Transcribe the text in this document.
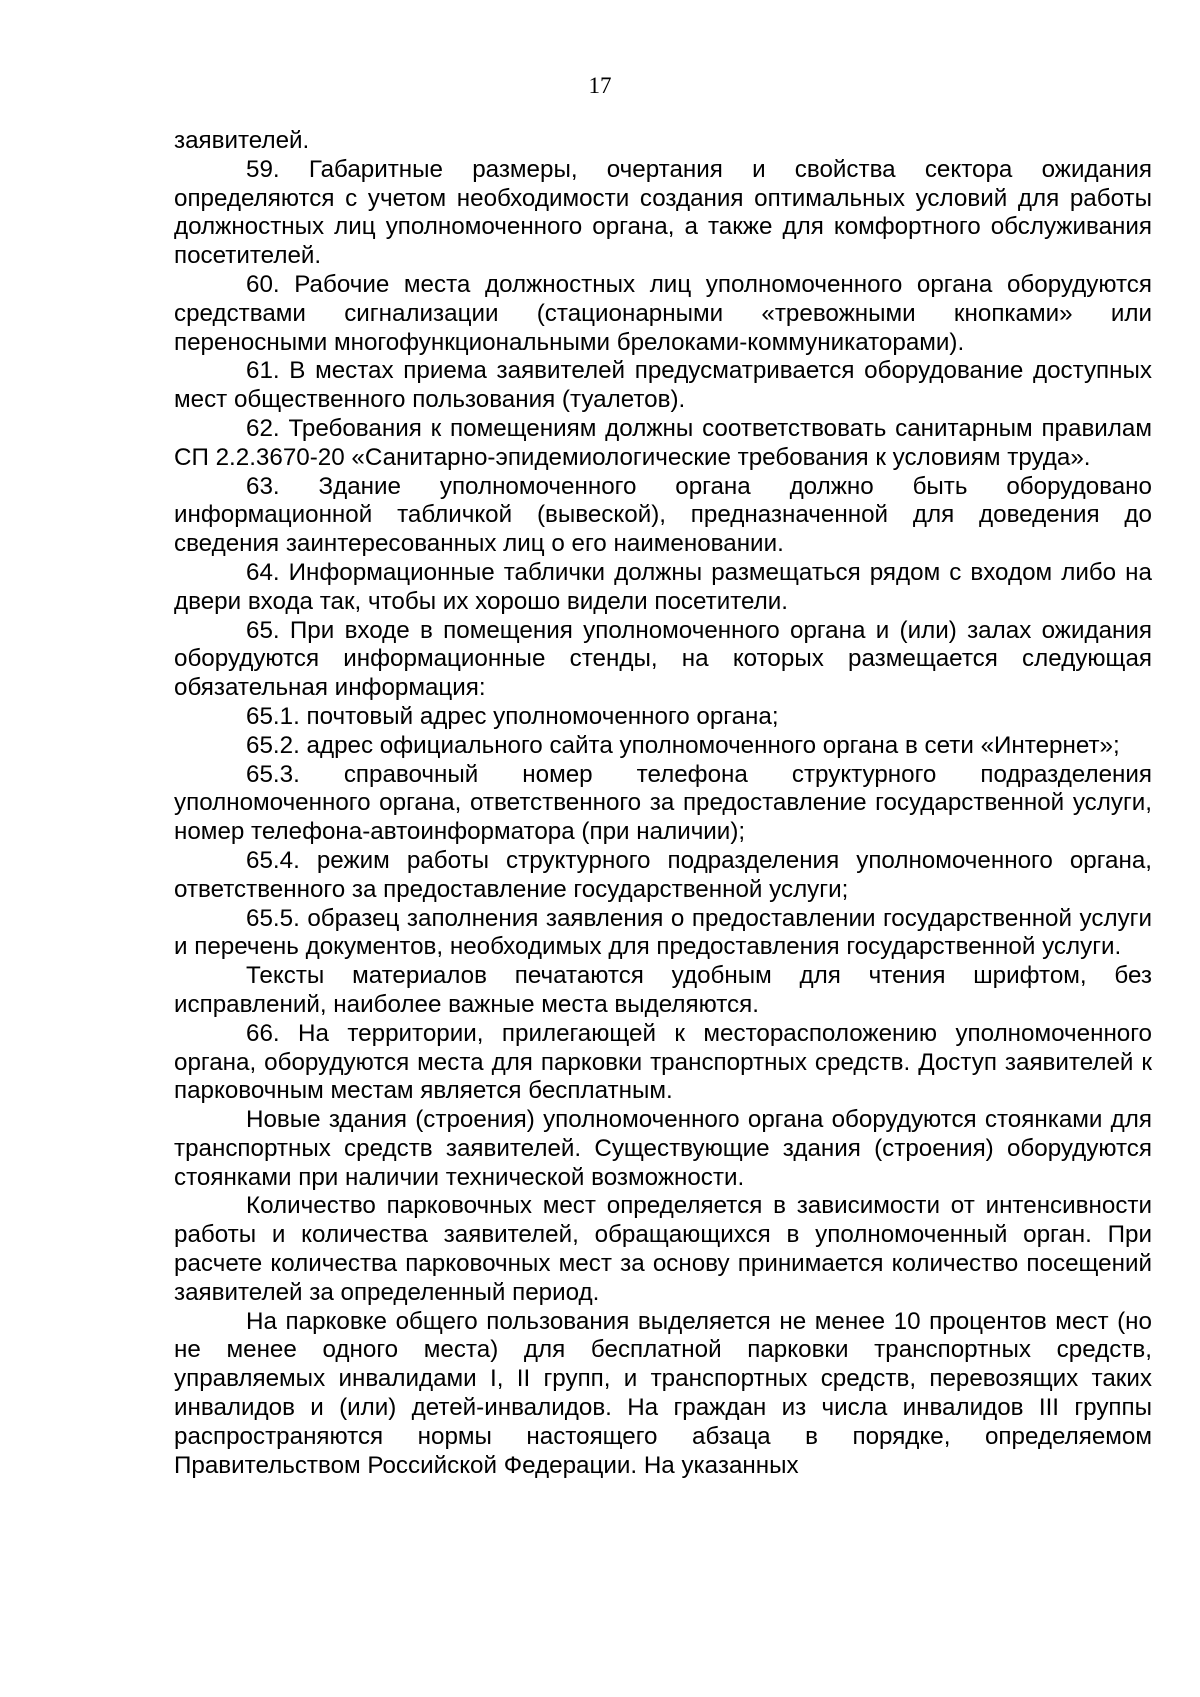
17

заявителей.

59. Габаритные размеры, очертания и свойства сектора ожидания определяются с учетом необходимости создания оптимальных условий для работы должностных лиц уполномоченного органа, а также для комфортного обслуживания посетителей.

60. Рабочие места должностных лиц уполномоченного органа оборудуются средствами сигнализации (стационарными «тревожными кнопками» или переносными многофункциональными брелоками-коммуникаторами).

61. В местах приема заявителей предусматривается оборудование доступных мест общественного пользования (туалетов).

62. Требования к помещениям должны соответствовать санитарным правилам СП 2.2.3670-20 «Санитарно-эпидемиологические требования к условиям труда».

63. Здание уполномоченного органа должно быть оборудовано информационной табличкой (вывеской), предназначенной для доведения до сведения заинтересованных лиц о его наименовании.

64. Информационные таблички должны размещаться рядом с входом либо на двери входа так, чтобы их хорошо видели посетители.

65. При входе в помещения уполномоченного органа и (или) залах ожидания оборудуются информационные стенды, на которых размещается следующая обязательная информация:

65.1. почтовый адрес уполномоченного органа;

65.2. адрес официального сайта уполномоченного органа в сети «Интернет»;

65.3. справочный номер телефона структурного подразделения уполномоченного органа, ответственного за предоставление государственной услуги, номер телефона-автоинформатора (при наличии);

65.4. режим работы структурного подразделения уполномоченного органа, ответственного за предоставление государственной услуги;

65.5. образец заполнения заявления о предоставлении государственной услуги и перечень документов, необходимых для предоставления государственной услуги.

Тексты материалов печатаются удобным для чтения шрифтом, без исправлений, наиболее важные места выделяются.

66. На территории, прилегающей к месторасположению уполномоченного органа, оборудуются места для парковки транспортных средств. Доступ заявителей к парковочным местам является бесплатным.

Новые здания (строения) уполномоченного органа оборудуются стоянками для транспортных средств заявителей. Существующие здания (строения) оборудуются стоянками при наличии технической возможности.

Количество парковочных мест определяется в зависимости от интенсивности работы и количества заявителей, обращающихся в уполномоченный орган. При расчете количества парковочных мест за основу принимается количество посещений заявителей за определенный период.

На парковке общего пользования выделяется не менее 10 процентов мест (но не менее одного места) для бесплатной парковки транспортных средств, управляемых инвалидами I, II групп, и транспортных средств, перевозящих таких инвалидов и (или) детей-инвалидов. На граждан из числа инвалидов III группы распространяются нормы настоящего абзаца в порядке, определяемом Правительством Российской Федерации. На указанных
